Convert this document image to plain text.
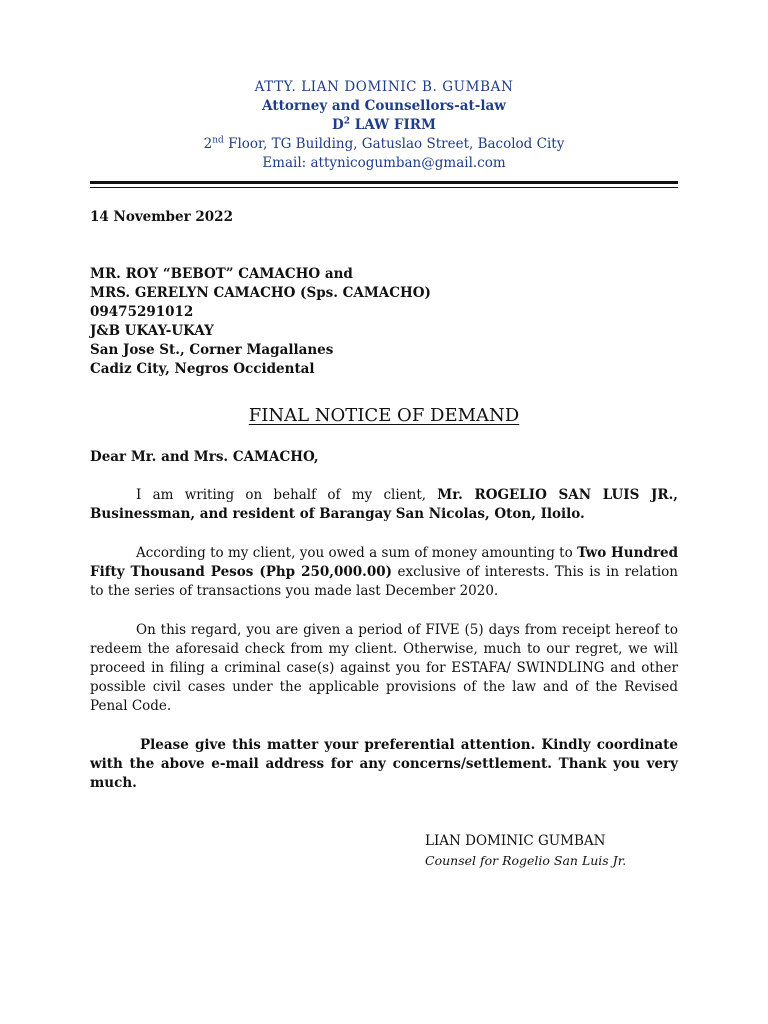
ATTY. LIAN DOMINIC B. GUMBAN
Attorney and Counsellors-at-law
$D^2$ LAW FIRM
2nd Floor, TG Building, Gatuslao Street, Bacolod City
Email: attynicogumban@gmail.com
14 November 2022
MR. ROY “BEBOT” CAMACHO and
MRS. GERELYN CAMACHO (Sps. CAMACHO)
09475291012
J&B UKAY-UKAY
San Jose St., Corner Magallanes
Cadiz City, Negros Occidental
FINAL NOTICE OF DEMAND
Dear Mr. and Mrs. CAMACHO,
I am writing on behalf of my client, Mr. ROGELIO SAN LUIS JR., Businessman, and resident of Barangay San Nicolas, Oton, Iloilo.
According to my client, you owed a sum of money amounting to Two Hundred Fifty Thousand Pesos (Php 250,000.00) exclusive of interests. This is in relation to the series of transactions you made last December 2020.
On this regard, you are given a period of FIVE (5) days from receipt hereof to redeem the aforesaid check from my client. Otherwise, much to our regret, we will proceed in filing a criminal case(s) against you for ESTAFA/ SWINDLING and other possible civil cases under the applicable provisions of the law and of the Revised Penal Code.
Please give this matter your preferential attention. Kindly coordinate with the above e-mail address for any concerns/settlement. Thank you very much.
LIAN DOMINIC GUMBAN
Counsel for Rogelio San Luis Jr.
